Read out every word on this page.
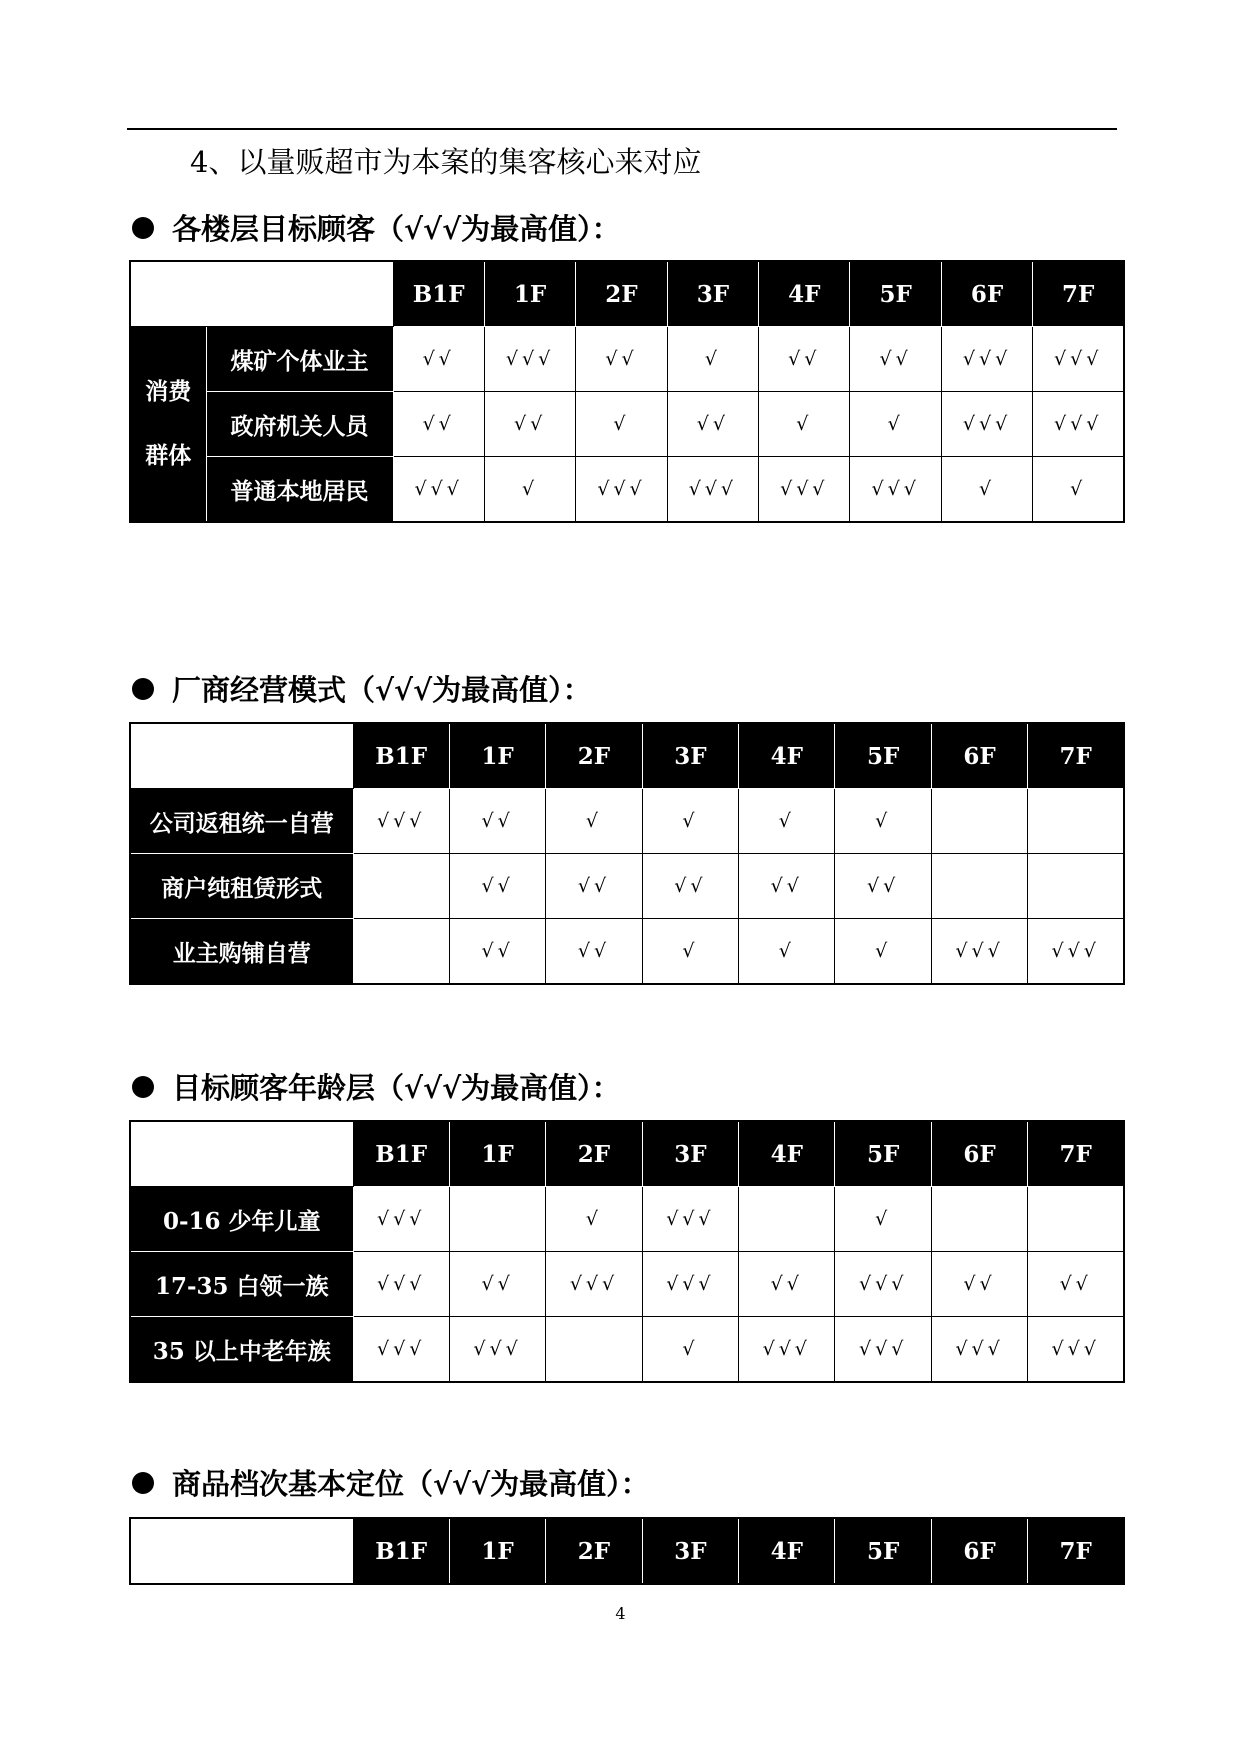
4、以量贩超市为本案的集客核心来对应
各楼层目标顾客（√√√为最高值）：
		B1F	1F	2F	3F	4F	5F	6F	7F
消费
群体	煤矿个体业主	√√	√√√	√√	√	√√	√√	√√√	√√√
	政府机关人员	√√	√√	√	√√	√	√	√√√	√√√
	普通本地居民	√√√	√	√√√	√√√	√√√	√√√	√	√
厂商经营模式（√√√为最高值）：
	B1F	1F	2F	3F	4F	5F	6F	7F
公司返租统一自营	√√√	√√	√	√	√	√		
商户纯租赁形式		√√	√√	√√	√√	√√		
业主购铺自营		√√	√√	√	√	√	√√√	√√√
目标顾客年龄层（√√√为最高值）：
	B1F	1F	2F	3F	4F	5F	6F	7F
0-16 少年儿童	√√√		√	√√√		√		
17-35 白领一族	√√√	√√	√√√	√√√	√√	√√√	√√	√√
35 以上中老年族	√√√	√√√		√	√√√	√√√	√√√	√√√
商品档次基本定位（√√√为最高值）：
	B1F	1F	2F	3F	4F	5F	6F	7F
4
